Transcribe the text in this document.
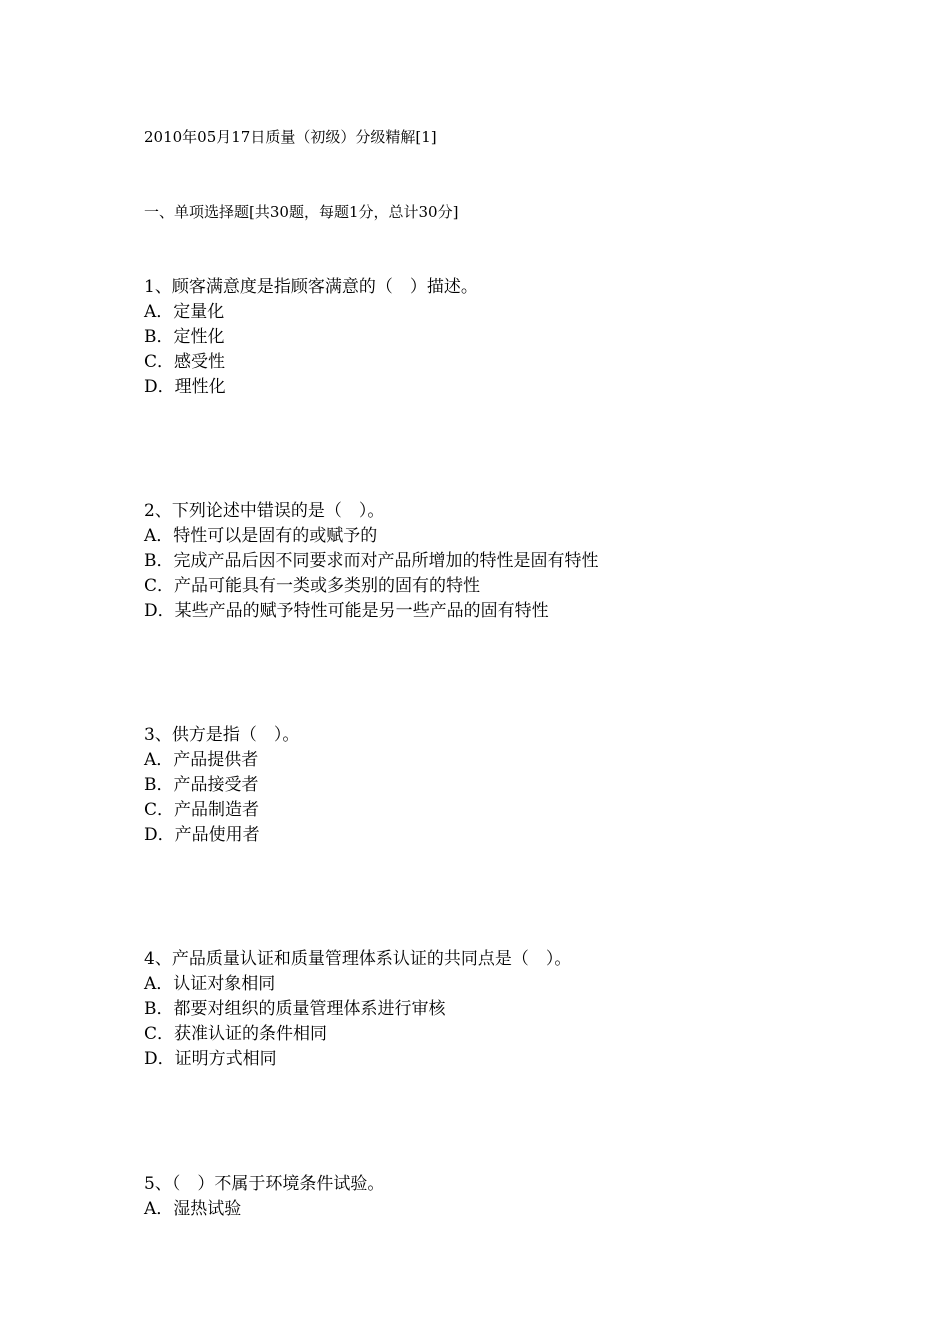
2010年05月17日质量（初级）分级精解[1]
一、单项选择题[共30题，每题1分，总计30分]
1、顾客满意度是指顾客满意的（　）描述。
A．定量化
B．定性化
C．感受性
D．理性化
2、下列论述中错误的是（　）。
A．特性可以是固有的或赋予的
B．完成产品后因不同要求而对产品所增加的特性是固有特性
C．产品可能具有一类或多类别的固有的特性
D．某些产品的赋予特性可能是另一些产品的固有特性
3、供方是指（　）。
A．产品提供者
B．产品接受者
C．产品制造者
D．产品使用者
4、产品质量认证和质量管理体系认证的共同点是（　）。
A．认证对象相同
B．都要对组织的质量管理体系进行审核
C．获准认证的条件相同
D．证明方式相同
5、（　）不属于环境条件试验。
A．湿热试验
